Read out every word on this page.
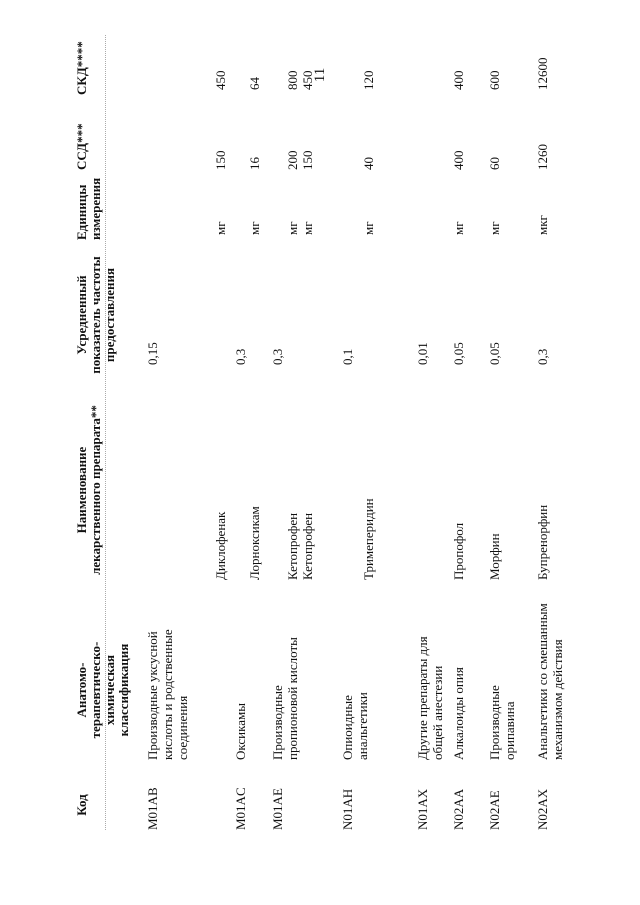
11
Код
Анатомо-терапевтическо-химическая классификация
Наименование лекарственного препарата**
Усредненный показатель частоты предоставления
Единицы измерения
ССД***
СКД****
M01AB
Производные уксусной кислоты и родственные соединения
0,15
Диклофенак
мг
150
450
M01AC
Оксикамы
0,3
Лорноксикам
мг
16
64
M01AE
Производные пропионовой кислоты
0,3
Кетопрофен
мг
200
800
Кетопрофен
мг
150
450
N01AH
Опиоидные анальгетики
0,1
Тримеперидин
мг
40
120
N01AX
Другие препараты для общей анестезии
0,01
Пропофол
0,05
мг
400
400
N02AA
Алкалоиды опия
Морфин
0,05
мг
60
600
N02AE
Производные орипавина
Бупренорфин
0,3
мкг
1260
12600
N02AX
Анальгетики со смешанным механизмом действия
